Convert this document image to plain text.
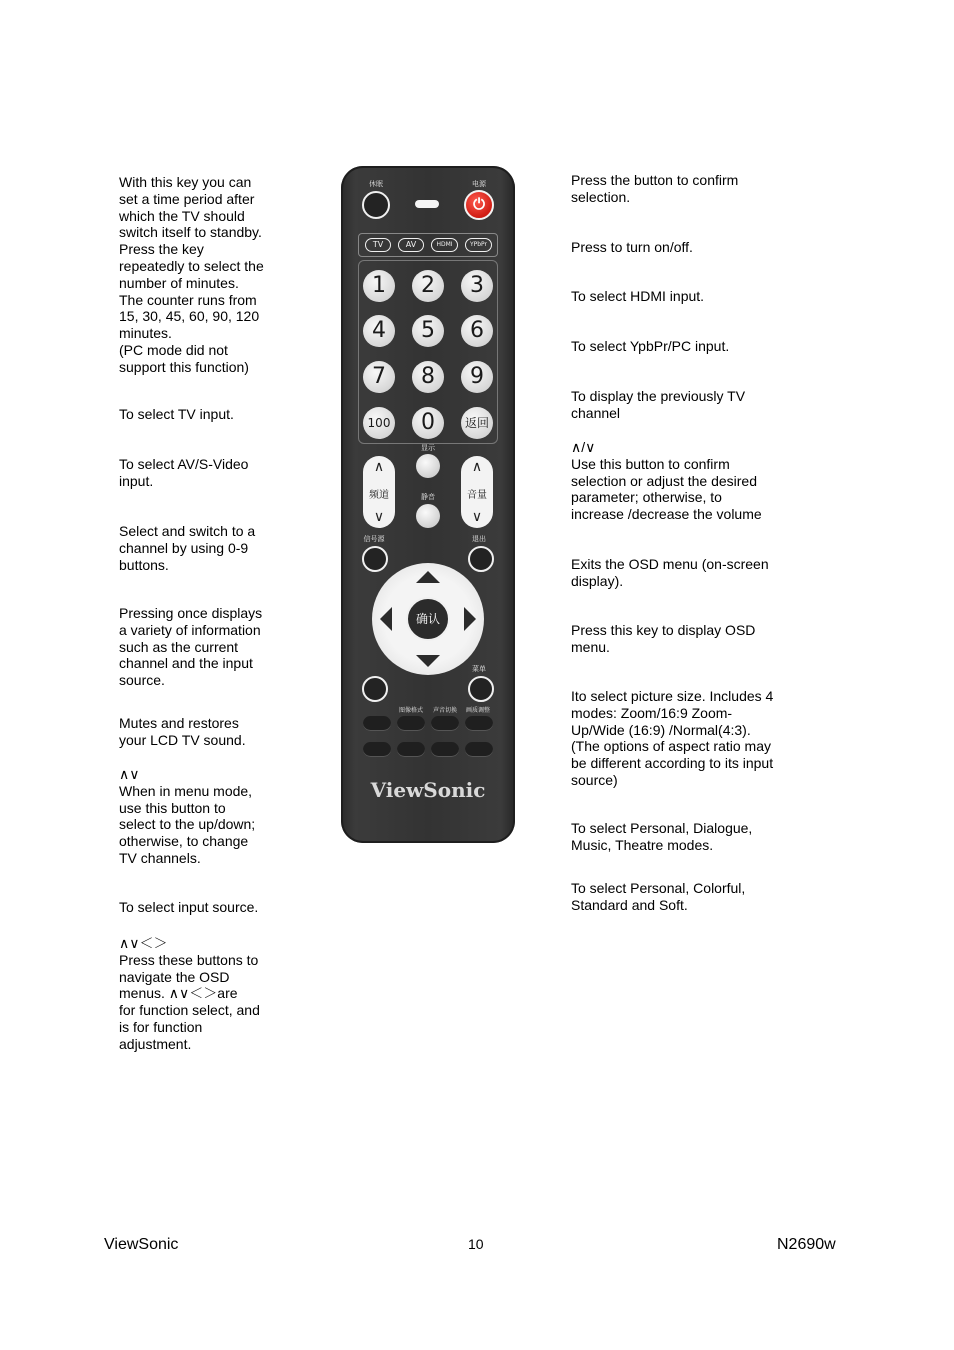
With this key you can
set a time period after
which the TV should
switch itself to standby.
Press the key
repeatedly to select the
number of minutes.
The counter runs from
15, 30, 45, 60, 90, 120
minutes.
(PC mode did not
support this function)

To select TV input.

To select AV/S-Video
input.

Select and switch to a
channel by using 0-9
buttons.

Pressing once displays
a variety of information
such as the current
channel and the input
source.

Mutes and restores
your LCD TV sound.

∧∨
When in menu mode,
use this button to
select to the up/down;
otherwise, to change
TV channels.

To select input source.

∧∨＜＞
Press these buttons to
navigate the OSD
menus. ∧∨＜＞are
for function select, and
is for function
adjustment.

Press the button to confirm
selection.

Press to turn on/off.

To select HDMI input.

To select YpbPr/PC input.

To display the previously TV
channel

∧/∨
Use this button to confirm
selection or adjust the desired
parameter; otherwise, to
increase /decrease the volume

Exits the OSD menu (on-screen
display).

Press this key to display OSD
menu.

Ito select picture size. Includes 4
modes: Zoom/16:9 Zoom-
Up/Wide (16:9) /Normal(4:3).
(The options of aspect ratio may
be different according to its input
source)

To select Personal, Dialogue,
Music, Theatre modes.

To select Personal, Colorful,
Standard and Soft.

休眠	电源
⏻
TV	AV	HDMI	YPbPr
1	2	3
4	5	6
7	8	9
100	0	返回
显示
静音
∧
频道
∨
∧
音量
∨
信号源	退出
确认
菜单
图像格式	声音切换	画质调整
ViewSonic
ViewSonic	10	N2690w
